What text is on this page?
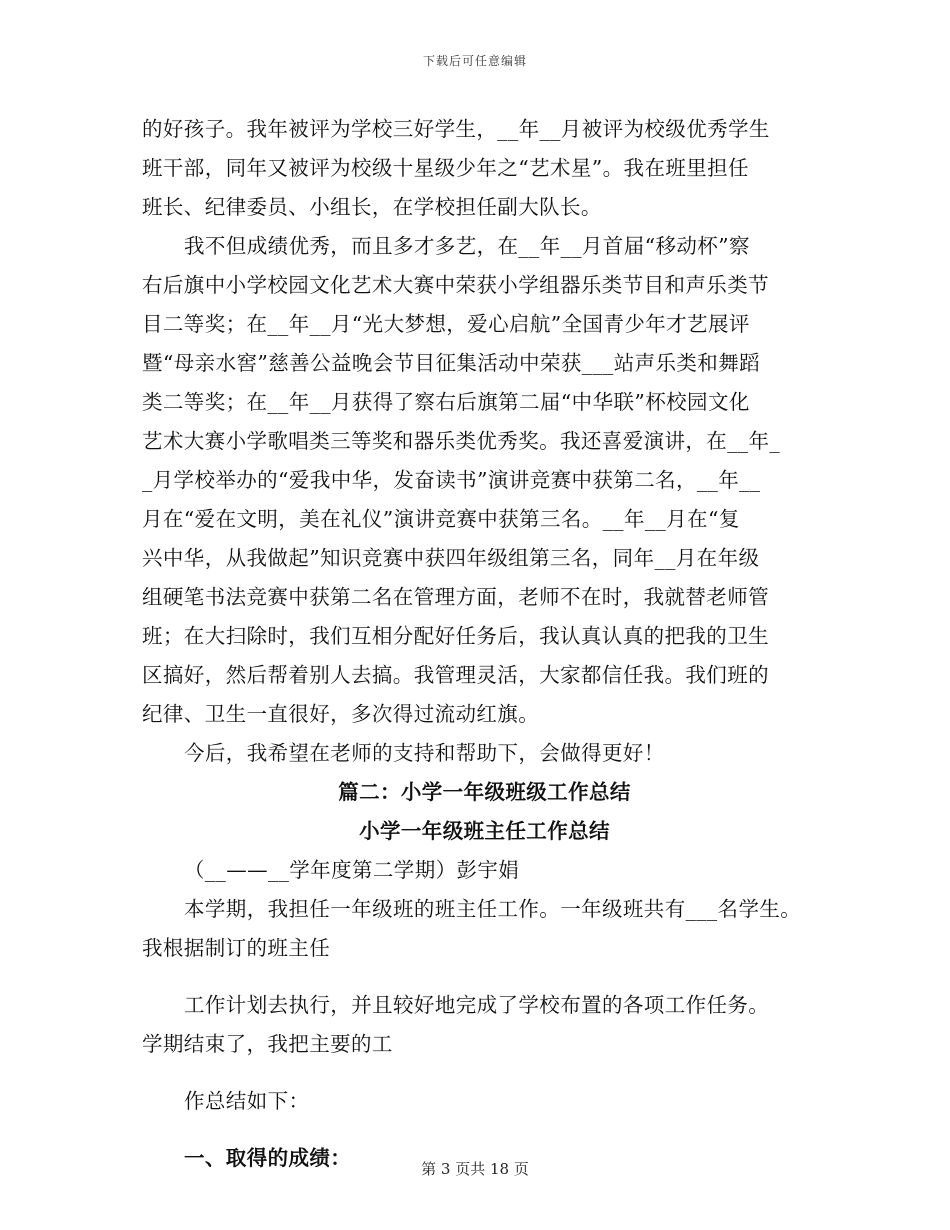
下载后可任意编辑
的好孩子。我年被评为学校三好学生，__年__月被评为校级优秀学生
班干部，同年又被评为校级十星级少年之“艺术星”。我在班里担任
班长、纪律委员、小组长，在学校担任副大队长。
我不但成绩优秀，而且多才多艺，在__年__月首届“移动杯”察
右后旗中小学校园文化艺术大赛中荣获小学组器乐类节目和声乐类节
目二等奖；在__年__月“光大梦想，爱心启航”全国青少年才艺展评
暨“母亲水窖”慈善公益晚会节目征集活动中荣获___站声乐类和舞蹈
类二等奖；在__年__月获得了察右后旗第二届“中华联”杯校园文化
艺术大赛小学歌唱类三等奖和器乐类优秀奖。我还喜爱演讲，在__年_
_月学校举办的“爱我中华，发奋读书”演讲竞赛中获第二名，__年__
月在“爱在文明，美在礼仪”演讲竞赛中获第三名。__年__月在“复
兴中华，从我做起”知识竞赛中获四年级组第三名，同年__月在年级
组硬笔书法竞赛中获第二名在管理方面，老师不在时，我就替老师管
班；在大扫除时，我们互相分配好任务后，我认真认真的把我的卫生
区搞好，然后帮着别人去搞。我管理灵活，大家都信任我。我们班的
纪律、卫生一直很好，多次得过流动红旗。
今后，我希望在老师的支持和帮助下，会做得更好！
篇二：小学一年级班级工作总结
小学一年级班主任工作总结
（__——__学年度第二学期）彭宇娟
本学期，我担任一年级班的班主任工作。一年级班共有___名学生。
我根据制订的班主任
工作计划去执行，并且较好地完成了学校布置的各项工作任务。
学期结束了，我把主要的工
作总结如下：
一、取得的成绩：	第 3 页共 18 页
